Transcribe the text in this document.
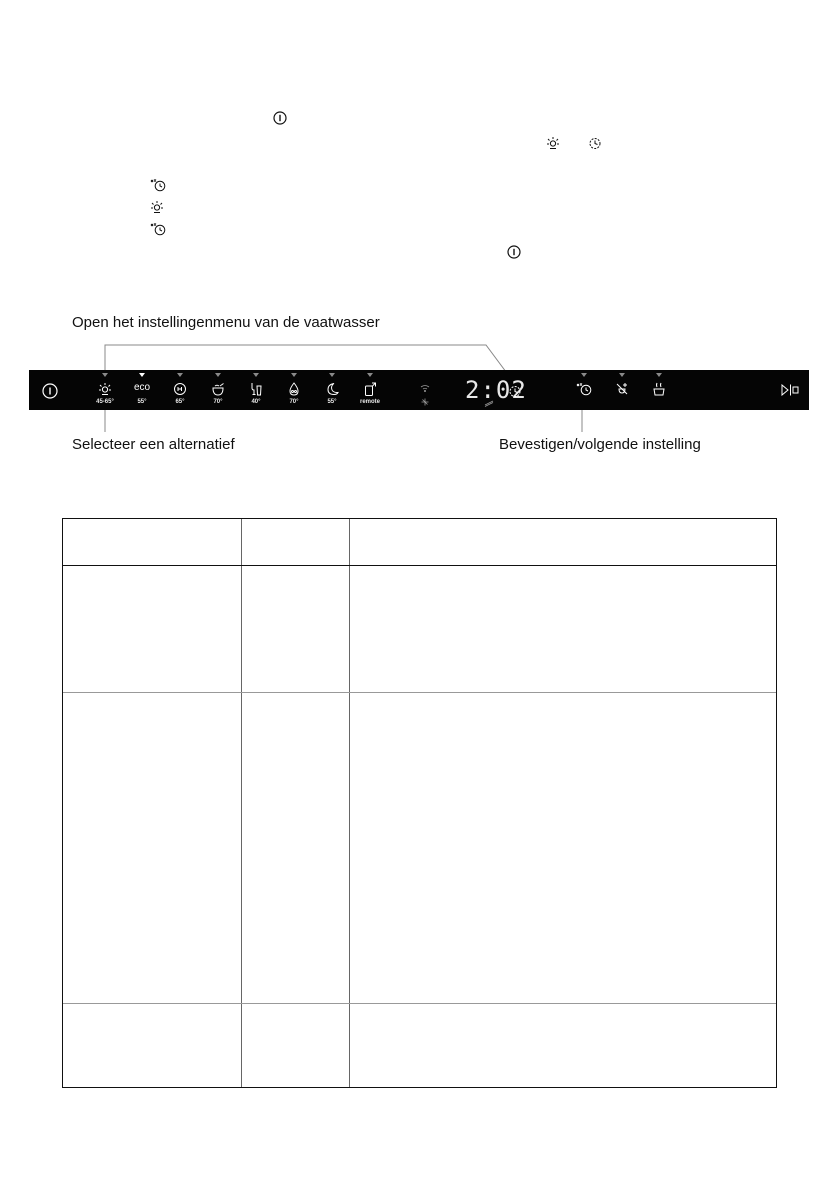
Open het instellingenmenu van de vaatwasser
Selecteer een alternatief	Bevestigen/volgende instelling
45-65°
eco
55°	65°	70°	40°	70°	55°	remote	2:02
